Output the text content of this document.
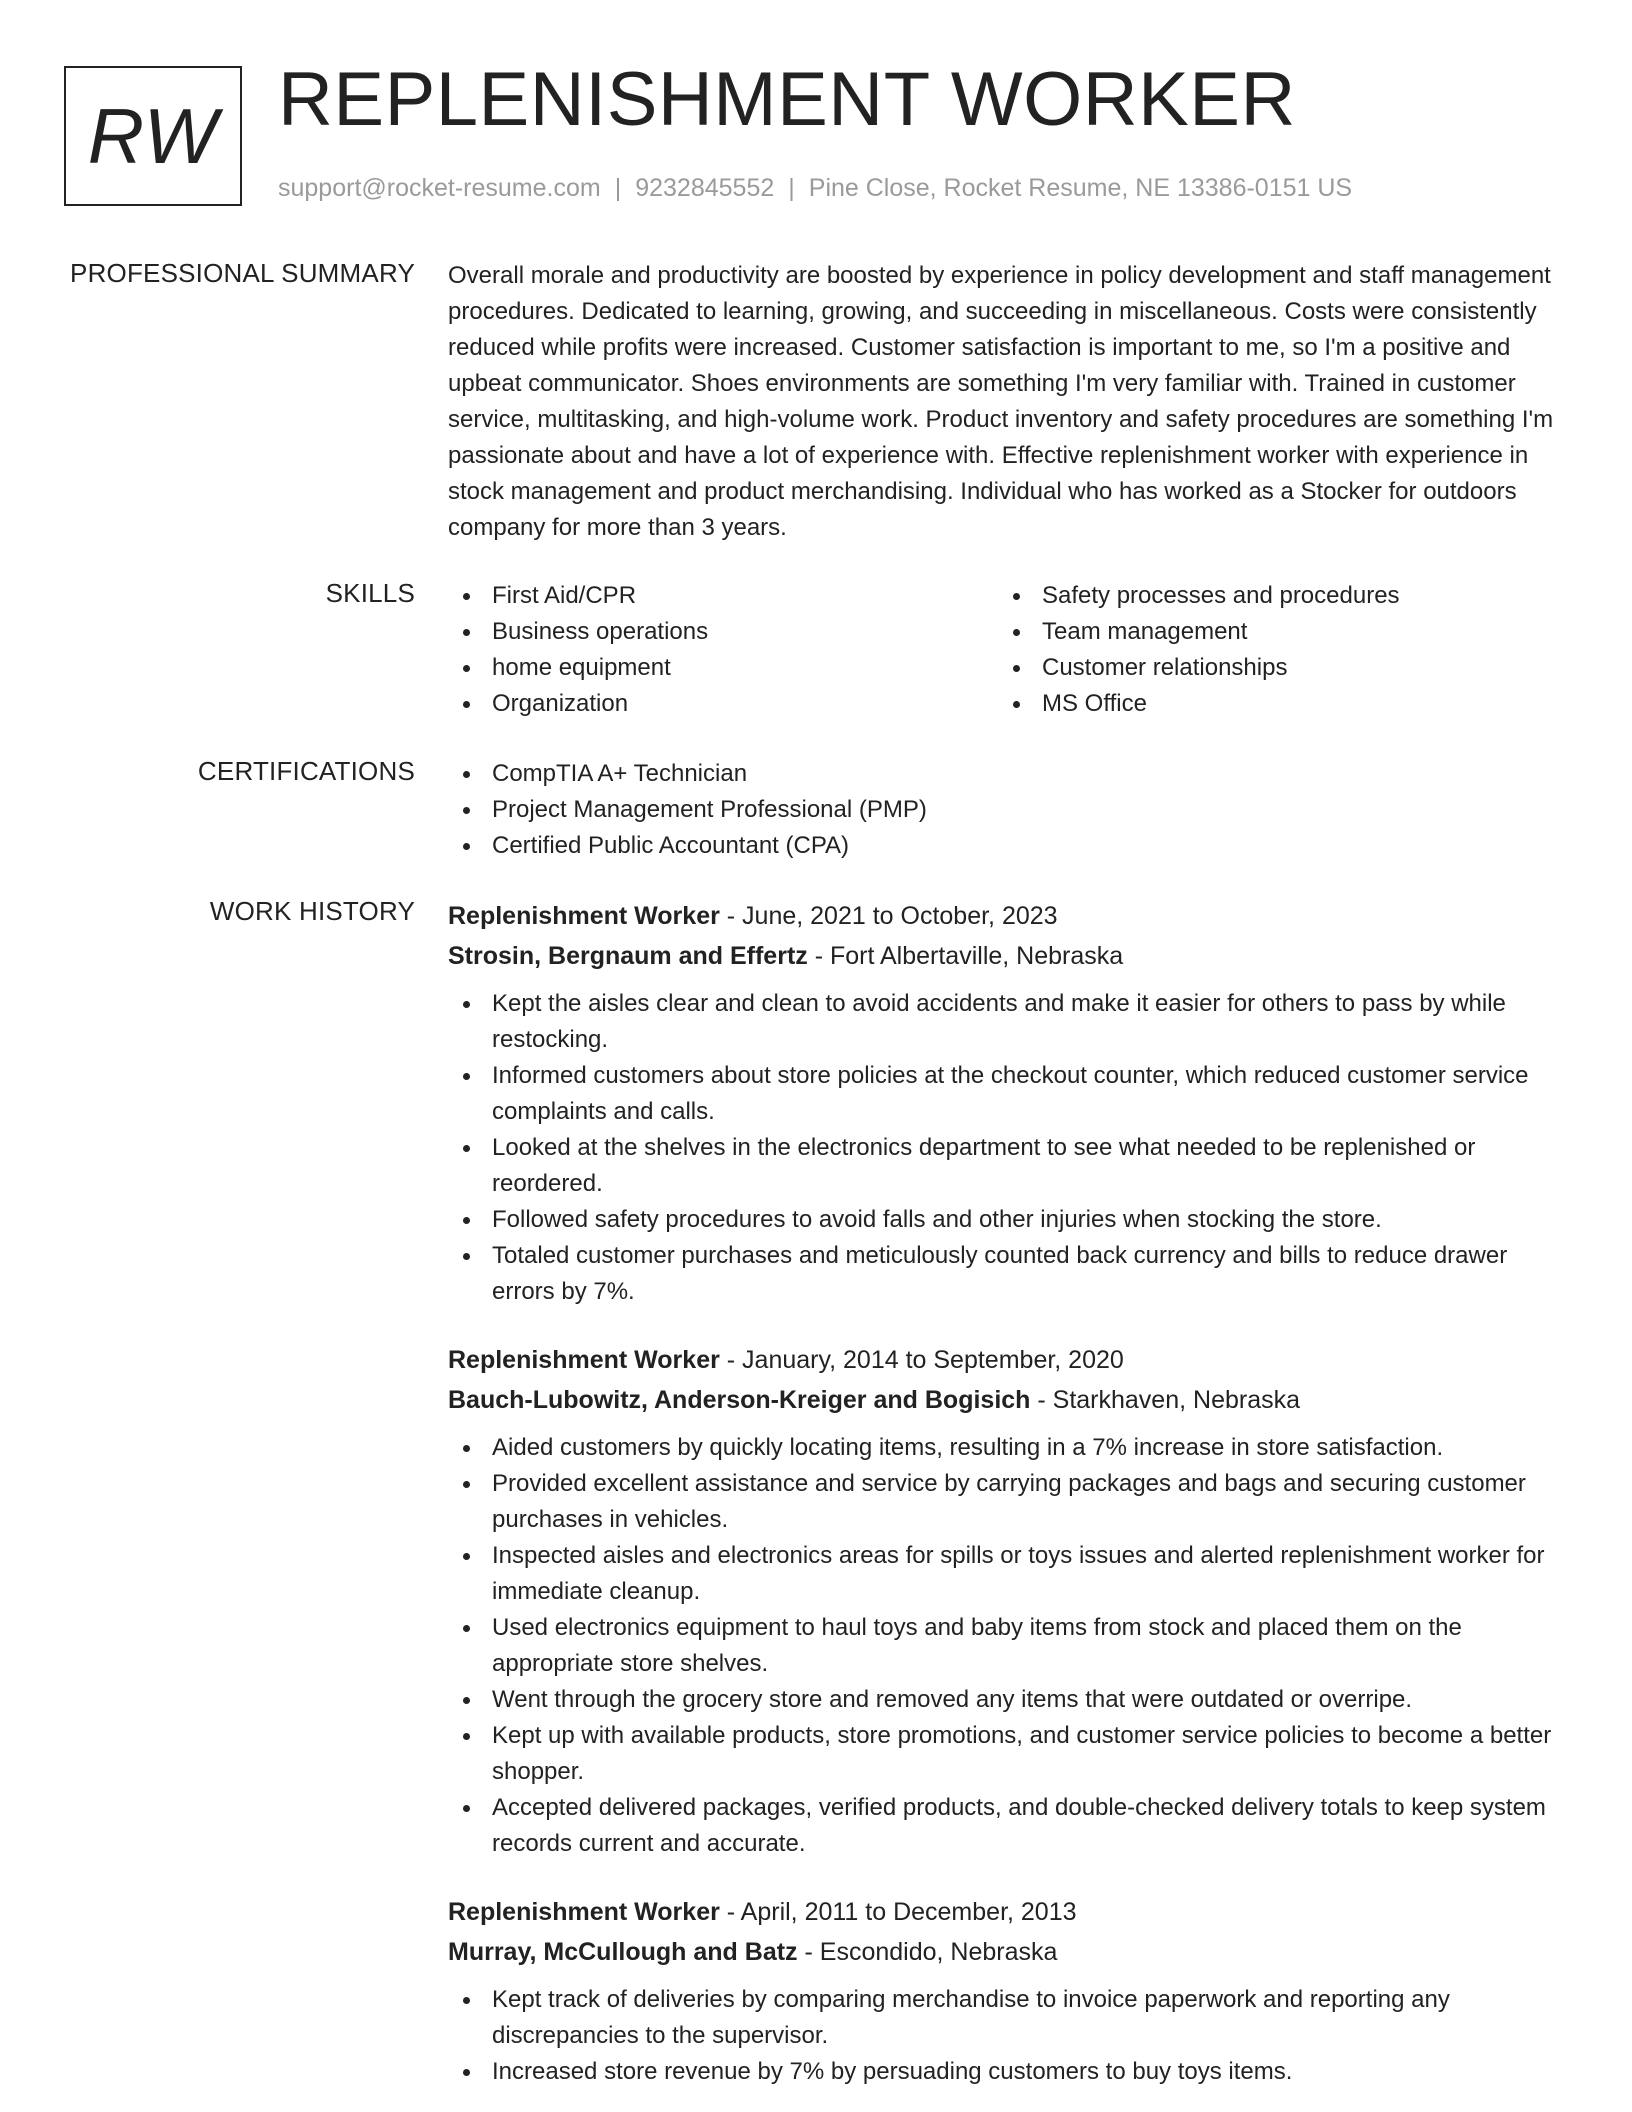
RW REPLENISHMENT WORKER
support@rocket-resume.com | 9232845552 | Pine Close, Rocket Resume, NE 13386-0151 US
PROFESSIONAL SUMMARY Overall morale and productivity are boosted by experience in policy development and staff management procedures. Dedicated to learning, growing, and succeeding in miscellaneous. Costs were consistently reduced while profits were increased. Customer satisfaction is important to me, so I'm a positive and upbeat communicator. Shoes environments are something I'm very familiar with. Trained in customer service, multitasking, and high-volume work. Product inventory and safety procedures are something I'm passionate about and have a lot of experience with. Effective replenishment worker with experience in stock management and product merchandising. Individual who has worked as a Stocker for outdoors company for more than 3 years.

SKILLS	First Aid/CPR
Business operations
home equipment
Organization
Safety processes and procedures
Team management
Customer relationships
MS Office
CERTIFICATIONS	CompTIA A+ Technician
Project Management Professional (PMP)
Certified Public Accountant (CPA)
WORK HISTORY Replenishment Worker - June, 2021 to October, 2023
Strosin, Bergnaum and Effertz - Fort Albertaville, Nebraska
Kept the aisles clear and clean to avoid accidents and make it easier for others to pass by while restocking.
Informed customers about store policies at the checkout counter, which reduced customer service complaints and calls.
Looked at the shelves in the electronics department to see what needed to be replenished or reordered.
Followed safety procedures to avoid falls and other injuries when stocking the store.
Totaled customer purchases and meticulously counted back currency and bills to reduce drawer errors by 7%.
Replenishment Worker - January, 2014 to September, 2020
Bauch-Lubowitz, Anderson-Kreiger and Bogisich - Starkhaven, Nebraska
Aided customers by quickly locating items, resulting in a 7% increase in store satisfaction.
Provided excellent assistance and service by carrying packages and bags and securing customer purchases in vehicles.
Inspected aisles and electronics areas for spills or toys issues and alerted replenishment worker for immediate cleanup.
Used electronics equipment to haul toys and baby items from stock and placed them on the appropriate store shelves.
Went through the grocery store and removed any items that were outdated or overripe.
Kept up with available products, store promotions, and customer service policies to become a better shopper.
Accepted delivered packages, verified products, and double-checked delivery totals to keep system records current and accurate.
Replenishment Worker - April, 2011 to December, 2013
Murray, McCullough and Batz - Escondido, Nebraska
Kept track of deliveries by comparing merchandise to invoice paperwork and reporting any discrepancies to the supervisor.
Increased store revenue by 7% by persuading customers to buy toys items.
